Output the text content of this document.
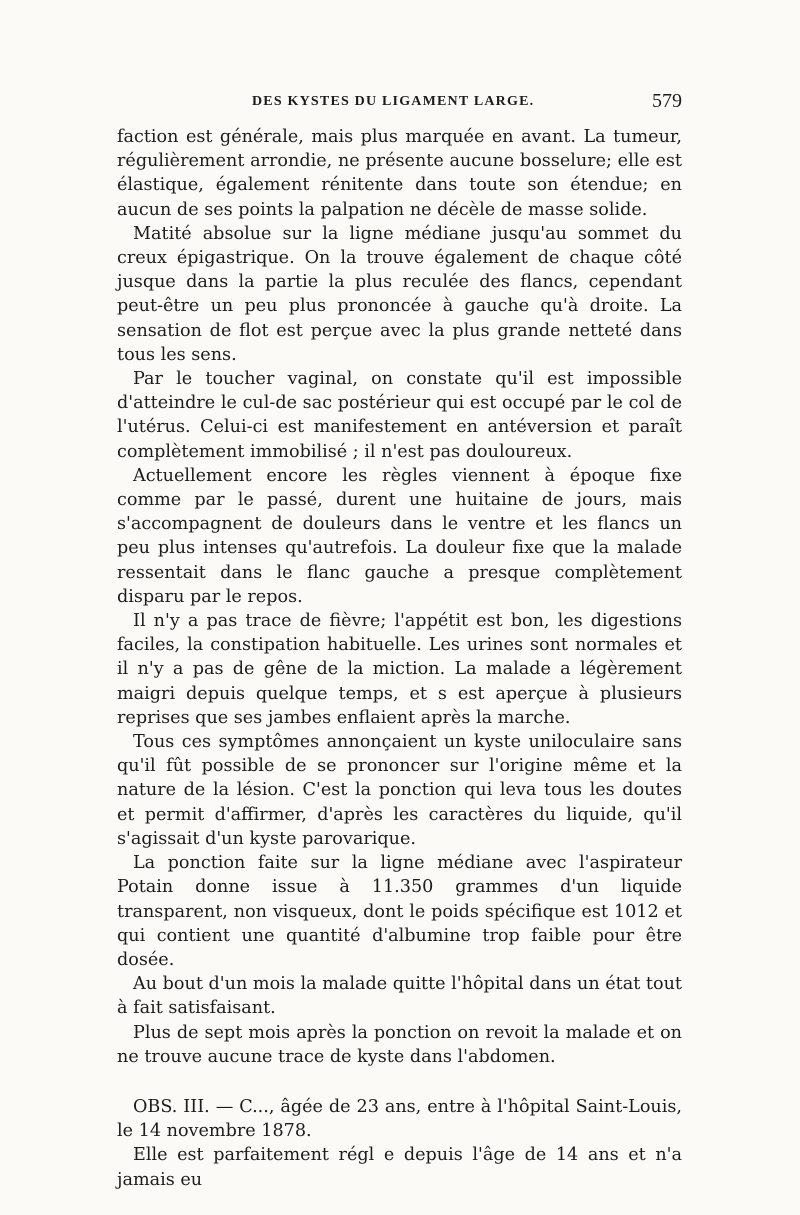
DES KYSTES DU LIGAMENT LARGE.	579

faction est générale, mais plus marquée en avant. La tumeur, régulièrement arrondie, ne présente aucune bosselure; elle est élastique, également rénitente dans toute son étendue; en aucun de ses points la palpation ne décèle de masse solide.

Matité absolue sur la ligne médiane jusqu'au sommet du creux épigastrique. On la trouve également de chaque côté jusque dans la partie la plus reculée des flancs, cependant peut-être un peu plus prononcée à gauche qu'à droite. La sensation de flot est perçue avec la plus grande netteté dans tous les sens.

Par le toucher vaginal, on constate qu'il est impossible d'atteindre le cul-de sac postérieur qui est occupé par le col de l'utérus. Celui-ci est manifestement en antéversion et paraît complètement immobilisé ; il n'est pas douloureux.

Actuellement encore les règles viennent à époque fixe comme par le passé, durent une huitaine de jours, mais s'accompagnent de douleurs dans le ventre et les flancs un peu plus intenses qu'autrefois. La douleur fixe que la malade ressentait dans le flanc gauche a presque complètement disparu par le repos.

Il n'y a pas trace de fièvre; l'appétit est bon, les digestions faciles, la constipation habituelle. Les urines sont normales et il n'y a pas de gêne de la miction. La malade a légèrement maigri depuis quelque temps, et s est aperçue à plusieurs reprises que ses jambes enflaient après la marche.

Tous ces symptômes annonçaient un kyste uniloculaire sans qu'il fût possible de se prononcer sur l'origine même et la nature de la lésion. C'est la ponction qui leva tous les doutes et permit d'affirmer, d'après les caractères du liquide, qu'il s'agissait d'un kyste parovarique.

La ponction faite sur la ligne médiane avec l'aspirateur Potain donne issue à 11.350 grammes d'un liquide transparent, non visqueux, dont le poids spécifique est 1012 et qui contient une quantité d'albumine trop faible pour être dosée.

Au bout d'un mois la malade quitte l'hôpital dans un état tout à fait satisfaisant.

Plus de sept mois après la ponction on revoit la malade et on ne trouve aucune trace de kyste dans l'abdomen.

OBS. III. — C..., âgée de 23 ans, entre à l'hôpital Saint-Louis, le 14 novembre 1878.

Elle est parfaitement régl e depuis l'âge de 14 ans et n'a jamais eu
